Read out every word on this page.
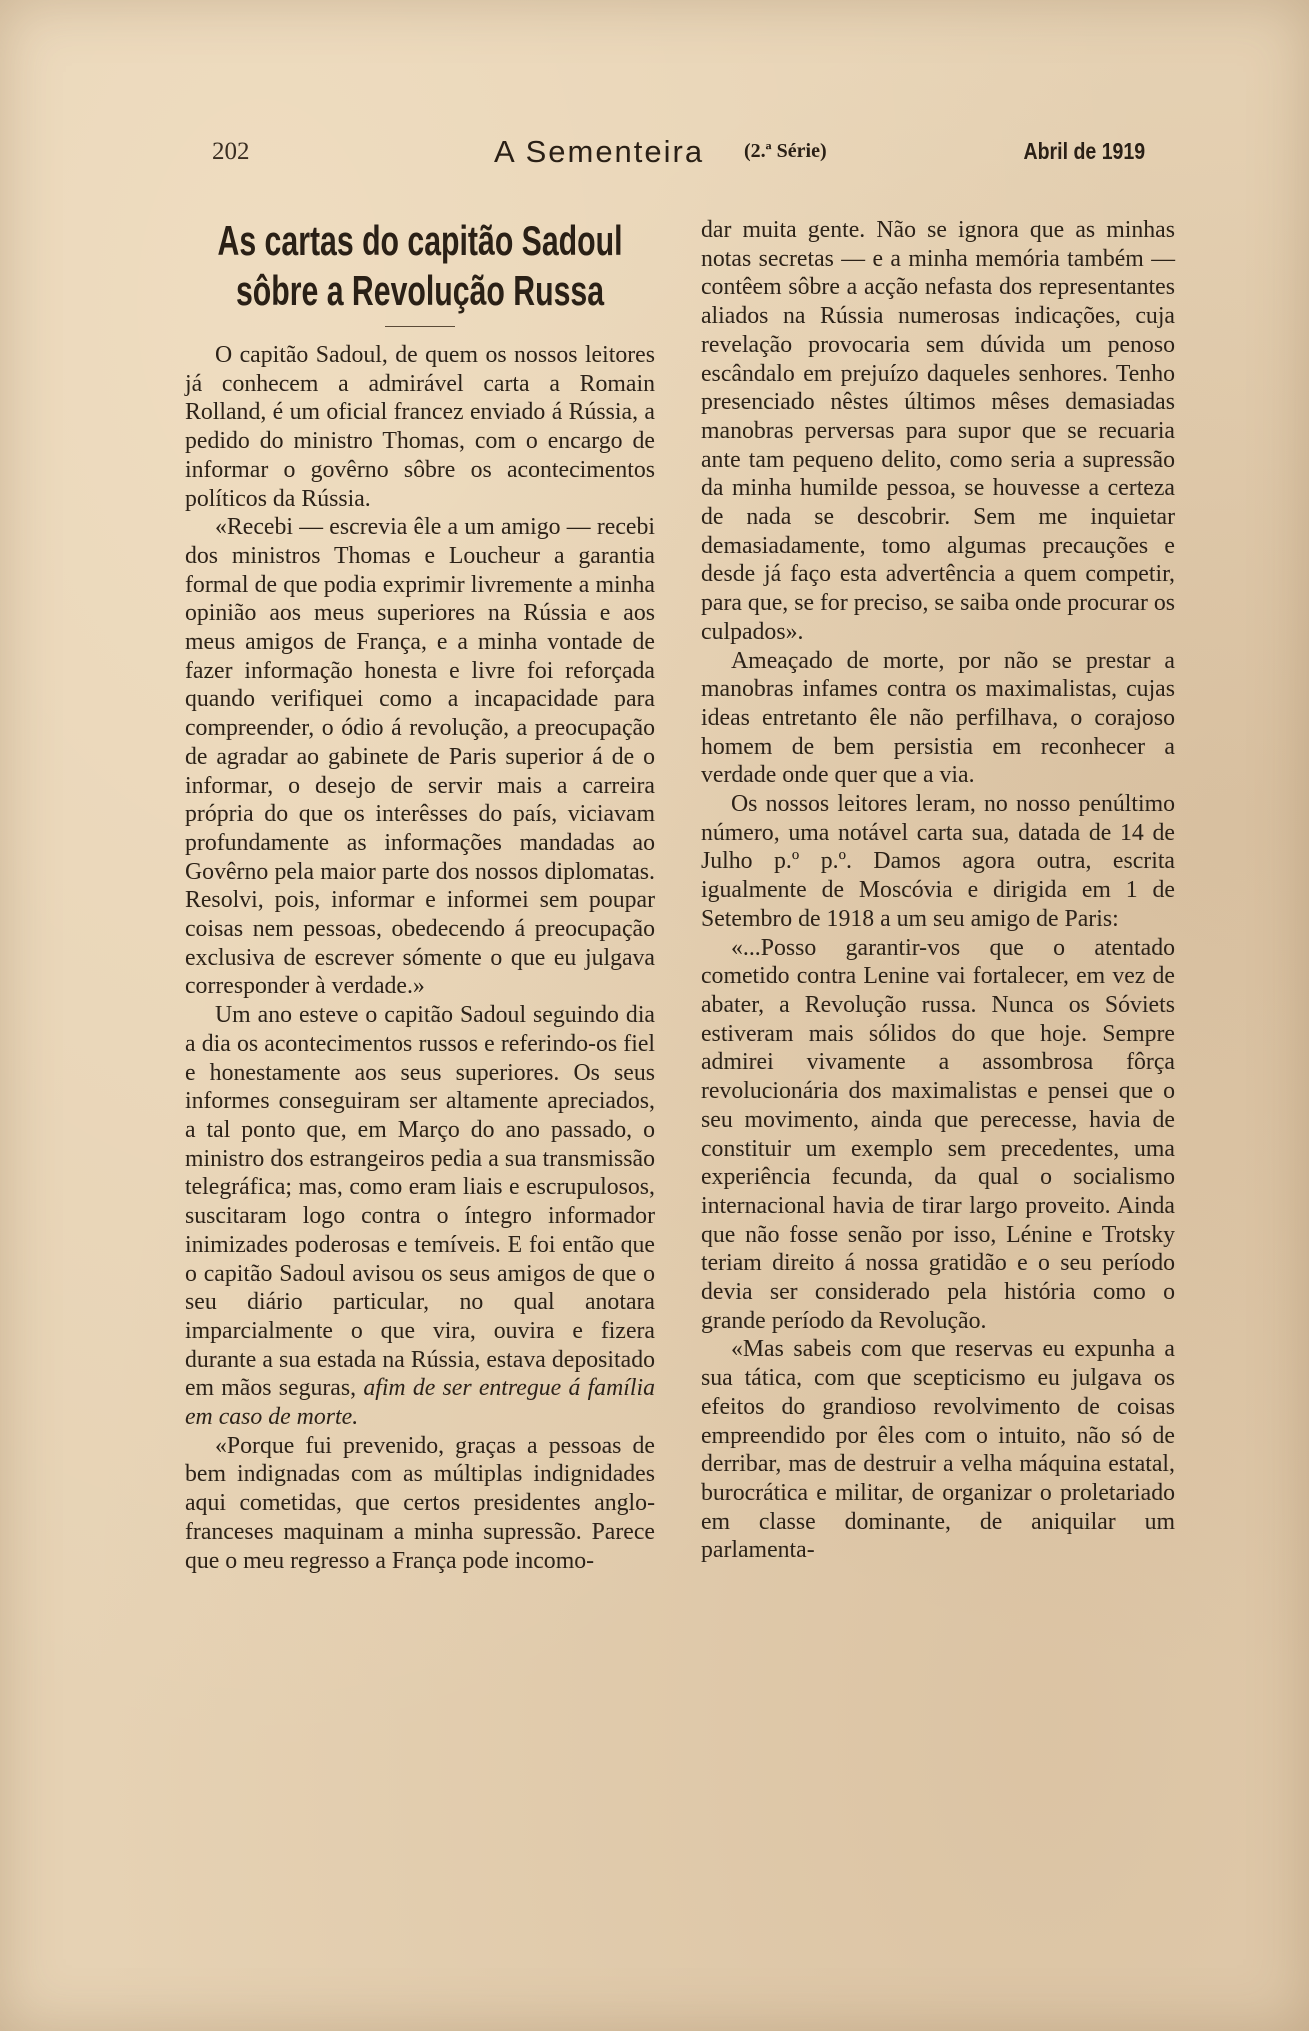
202	A Sementeira (2.ª Série)	Abril de 1919
As cartas do capitão Sadoul
sôbre a Revolução Russa

O capitão Sadoul, de quem os nossos leitores já conhecem a admirável carta a Romain Rolland, é um oficial francez enviado á Rússia, a pedido do ministro Thomas, com o encargo de informar o govêrno sôbre os acontecimentos políticos da Rússia.

«Recebi — escrevia êle a um amigo — recebi dos ministros Thomas e Loucheur a garantia formal de que podia exprimir livremente a minha opinião aos meus superiores na Rússia e aos meus amigos de França, e a minha vontade de fazer informação honesta e livre foi reforçada quando verifiquei como a incapacidade para compreender, o ódio á revolução, a preocupação de agradar ao gabinete de Paris superior á de o informar, o desejo de servir mais a carreira própria do que os interêsses do país, viciavam profundamente as informações mandadas ao Govêrno pela maior parte dos nossos diplomatas. Resolvi, pois, informar e informei sem poupar coisas nem pessoas, obedecendo á preocupação exclusiva de escrever sómente o que eu julgava corresponder à verdade.»

Um ano esteve o capitão Sadoul seguindo dia a dia os acontecimentos russos e referindo-os fiel e honestamente aos seus superiores. Os seus informes conseguiram ser altamente apreciados, a tal ponto que, em Março do ano passado, o ministro dos estrangeiros pedia a sua transmissão telegráfica; mas, como eram liais e escrupulosos, suscitaram logo contra o íntegro informador inimizades poderosas e temíveis. E foi então que o capitão Sadoul avisou os seus amigos de que o seu diário particular, no qual anotara imparcialmente o que vira, ouvira e fizera durante a sua estada na Rússia, estava depositado em mãos seguras, afim de ser entregue á família em caso de morte.

«Porque fui prevenido, graças a pessoas de bem indignadas com as múltiplas indignidades aqui cometidas, que certos presidentes anglo-franceses maquinam a minha supressão. Parece que o meu regresso a França pode incomo-

dar muita gente. Não se ignora que as minhas notas secretas — e a minha memória também — contêem sôbre a acção nefasta dos representantes aliados na Rússia numerosas indicações, cuja revelação provocaria sem dúvida um penoso escândalo em prejuízo daqueles senhores. Tenho presenciado nêstes últimos mêses demasiadas manobras perversas para supor que se recuaria ante tam pequeno delito, como seria a supressão da minha humilde pessoa, se houvesse a certeza de nada se descobrir. Sem me inquietar demasiadamente, tomo algumas precauções e desde já faço esta advertência a quem competir, para que, se for preciso, se saiba onde procurar os culpados».

Ameaçado de morte, por não se prestar a manobras infames contra os maximalistas, cujas ideas entretanto êle não perfilhava, o corajoso homem de bem persistia em reconhecer a verdade onde quer que a via.

Os nossos leitores leram, no nosso penúltimo número, uma notável carta sua, datada de 14 de Julho p.º p.º. Damos agora outra, escrita igualmente de Moscóvia e dirigida em 1 de Setembro de 1918 a um seu amigo de Paris:

«...Posso garantir-vos que o atentado cometido contra Lenine vai fortalecer, em vez de abater, a Revolução russa. Nunca os Sóviets estiveram mais sólidos do que hoje. Sempre admirei vivamente a assombrosa fôrça revolucionária dos maximalistas e pensei que o seu movimento, ainda que perecesse, havia de constituir um exemplo sem precedentes, uma experiência fecunda, da qual o socialismo internacional havia de tirar largo proveito. Ainda que não fosse senão por isso, Lénine e Trotsky teriam direito á nossa gratidão e o seu período devia ser considerado pela história como o grande período da Revolução.

«Mas sabeis com que reservas eu expunha a sua tática, com que scepticismo eu julgava os efeitos do grandioso revolvimento de coisas empreendido por êles com o intuito, não só de derribar, mas de destruir a velha máquina estatal, burocrática e militar, de organizar o proletariado em classe dominante, de aniquilar um parlamenta-
